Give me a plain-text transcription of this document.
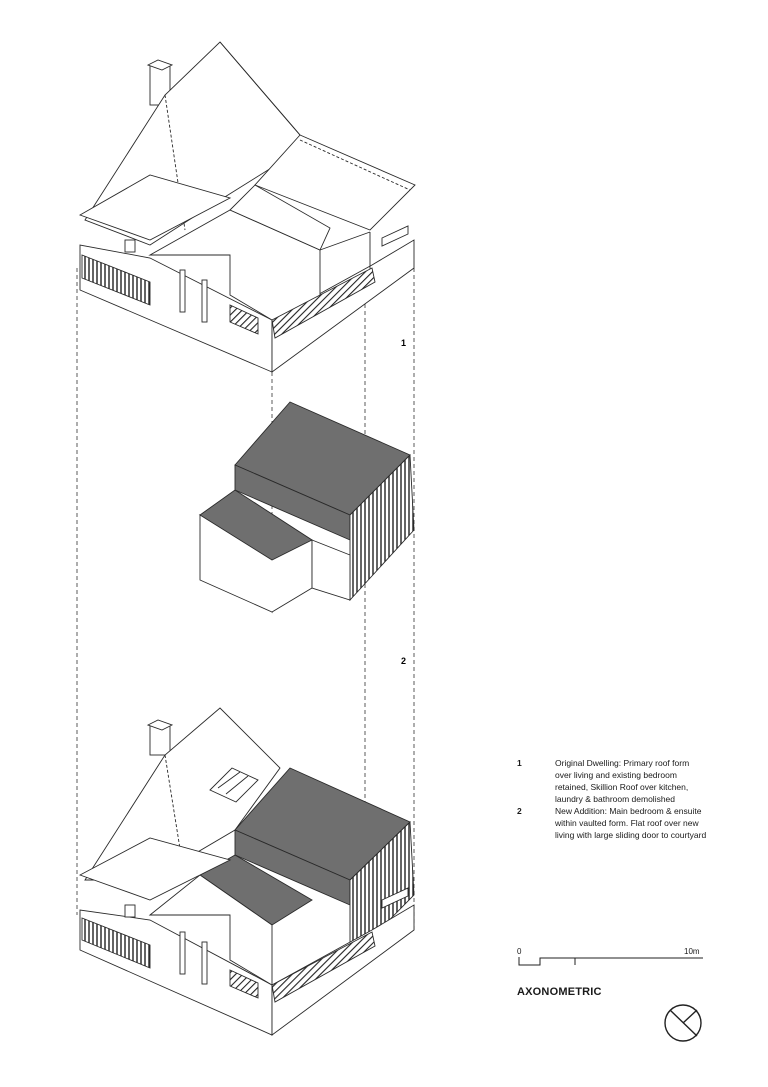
1
2
1	Original Dwelling: Primary roof form over living and existing bedroom retained, Skillion Roof over kitchen, laundry & bathroom demolished
2	New Addition: Main bedroom & ensuite within vaulted form. Flat roof over new living with large sliding door to courtyard
0	10m
AXONOMETRIC
